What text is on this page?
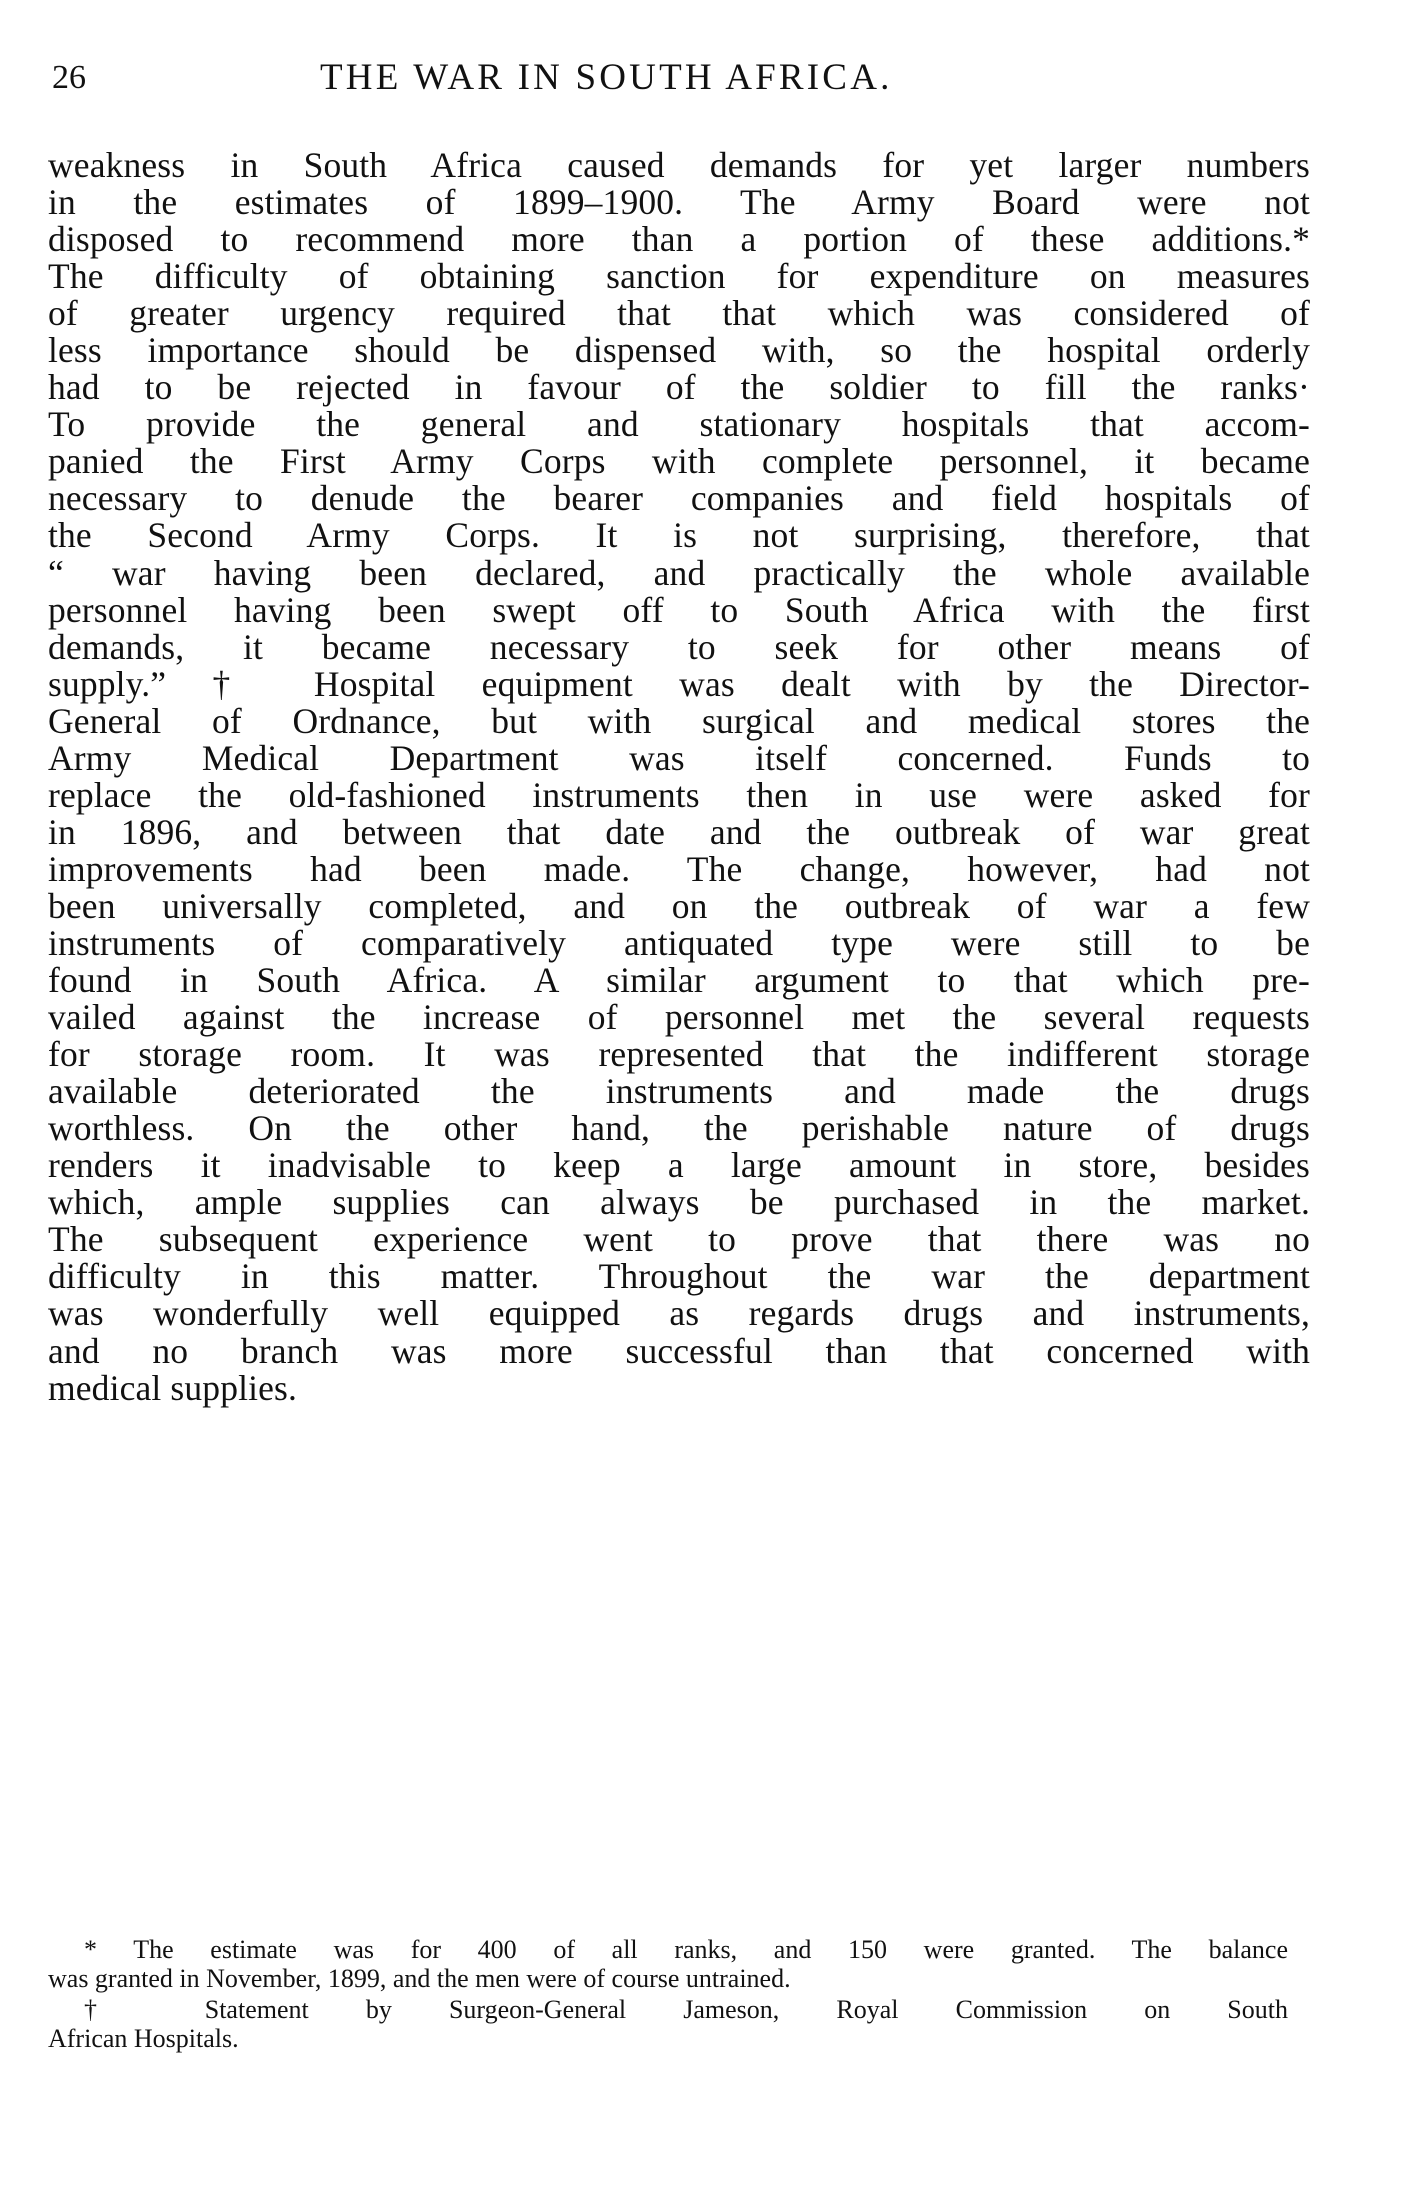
26	THE WAR IN SOUTH AFRICA.
weakness in South Africa caused demands for yet larger numbers
in the estimates of 1899–1900. The Army Board were not
disposed to recommend more than a portion of these additions.*
The difficulty of obtaining sanction for expenditure on measures
of greater urgency required that that which was considered of
less importance should be dispensed with, so the hospital orderly
had to be rejected in favour of the soldier to fill the ranks·
To provide the general and stationary hospitals that accom-
panied the First Army Corps with complete personnel, it became
necessary to denude the bearer companies and field hospitals of
the Second Army Corps. It is not surprising, therefore, that
“ war having been declared, and practically the whole available
personnel having been swept off to South Africa with the first
demands, it became necessary to seek for other means of
supply.” † Hospital equipment was dealt with by the Director-
General of Ordnance, but with surgical and medical stores the
Army Medical Department was itself concerned. Funds to
replace the old-fashioned instruments then in use were asked for
in 1896, and between that date and the outbreak of war great
improvements had been made. The change, however, had not
been universally completed, and on the outbreak of war a few
instruments of comparatively antiquated type were still to be
found in South Africa. A similar argument to that which pre-
vailed against the increase of personnel met the several requests
for storage room. It was represented that the indifferent storage
available deteriorated the instruments and made the drugs
worthless. On the other hand, the perishable nature of drugs
renders it inadvisable to keep a large amount in store, besides
which, ample supplies can always be purchased in the market.
The subsequent experience went to prove that there was no
difficulty in this matter. Throughout the war the department
was wonderfully well equipped as regards drugs and instruments,
and no branch was more successful than that concerned with
medical supplies.
* The estimate was for 400 of all ranks, and 150 were granted. The balance
was granted in November, 1899, and the men were of course untrained.
† Statement by Surgeon-General Jameson, Royal Commission on South
African Hospitals.
